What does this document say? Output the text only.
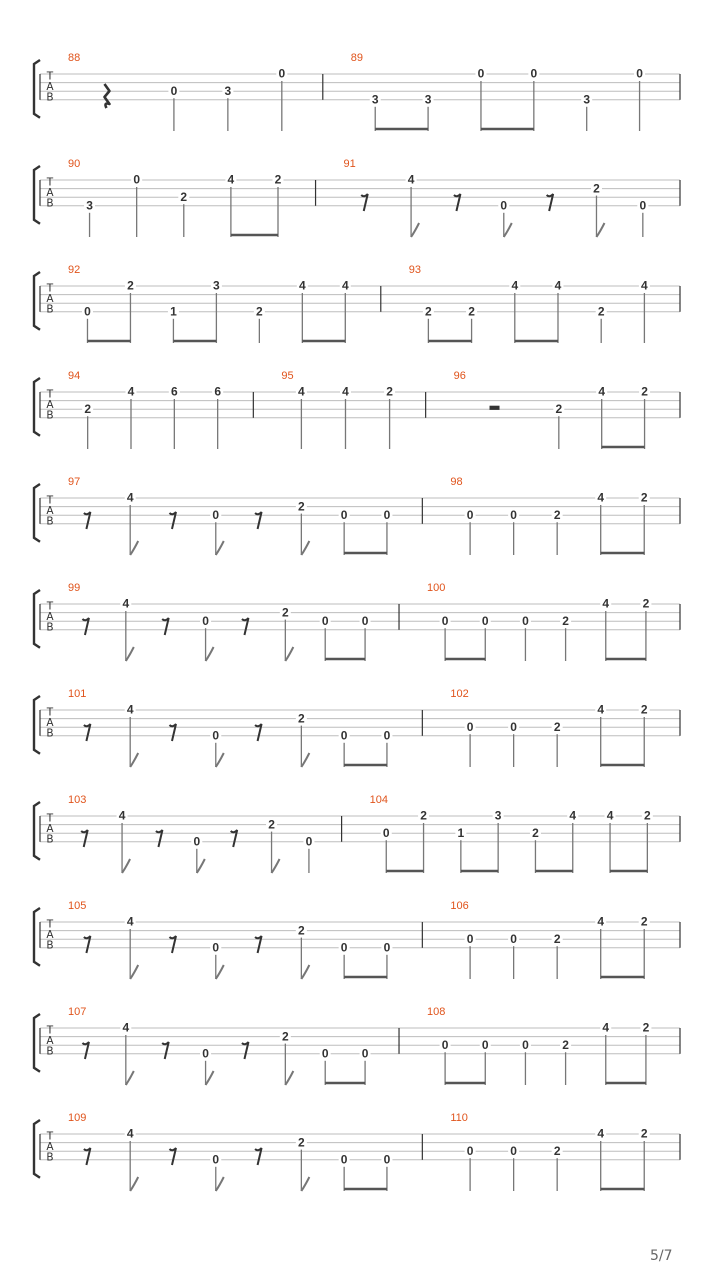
T
A
B
88
0	3
0
89
3	3
0	0
3
0
T
A
B
90
3
0
2
4	2
91
4
0
2
0
T
A
B
92
0
2
1
3
2
4	4
93
2	2
4	4
2
4
T
A
B
94
2
4	6	6
95
4	4	2
96
2
4	2
T
A
B
97
4
0
2
0	0
98
0	0	2
4	2
T
A
B
99
4
0
2
0	0
100
0	0	0	2
4	2
T
A
B
101
4
0
2
0	0
102
0	0	2
4	2
T
A
B
103
4
0
2
0
104
0
2
1
3
2
4	4	2
T
A
B
105
4
0
2
0	0
106
0	0	2
4	2
T
A
B
107
4
0
2
0	0
108
0	0	0	2
4	2
T
A
B
109
4
0
2
0	0
110
0	0	2
4	2
5/7
